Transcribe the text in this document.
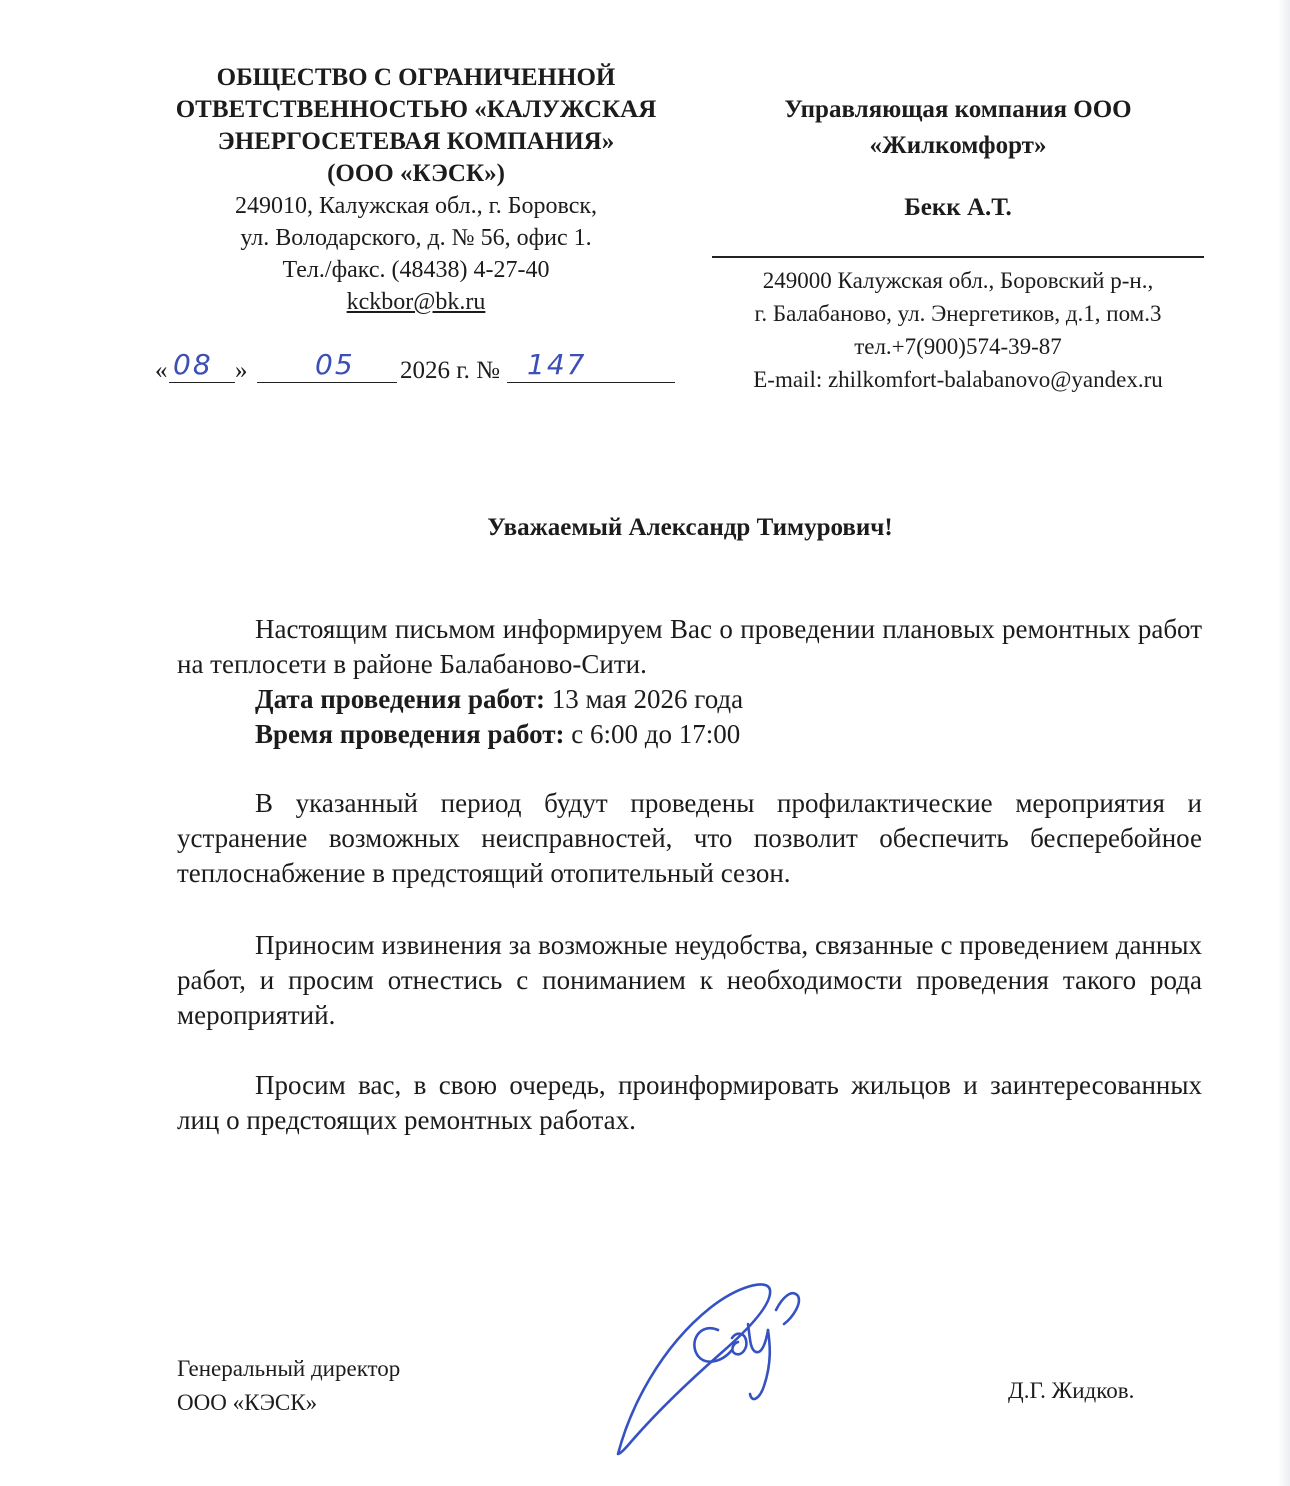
ОБЩЕСТВО С ОГРАНИЧЕННОЙ
ОТВЕТСТВЕННОСТЬЮ «КАЛУЖСКАЯ
ЭНЕРГОСЕТЕВАЯ КОМПАНИЯ»
(ООО «КЭСК»)
249010, Калужская обл., г. Боровск,
ул. Володарского, д. № 56, офис 1.
Тел./факс. (48438) 4-27-40
kckbor@bk.ru
« 08 » 05 2026 г. № 147
Управляющая компания ООО
«Жилкомфорт»
Бекк А.Т.
249000 Калужская обл., Боровский р-н.,
г. Балабаново, ул. Энергетиков, д.1, пом.3
тел.+7(900)574-39-87
E-mail: zhilkomfort-balabanovo@yandex.ru
Уважаемый Александр Тимурович!

Настоящим письмом информируем Вас о проведении плановых ремонтных работ на теплосети в районе Балабаново-Сити.

Дата проведения работ: 13 мая 2026 года
Время проведения работ: с 6:00 до 17:00

В указанный период будут проведены профилактические мероприятия и устранение возможных неисправностей, что позволит обеспечить бесперебойное теплоснабжение в предстоящий отопительный сезон.

Приносим извинения за возможные неудобства, связанные с проведением данных работ, и просим отнестись с пониманием к необходимости проведения такого рода мероприятий.

Просим вас, в свою очередь, проинформировать жильцов и заинтересованных лиц о предстоящих ремонтных работах.

Генеральный директор
ООО «КЭСК»	Д.Г. Жидков.
